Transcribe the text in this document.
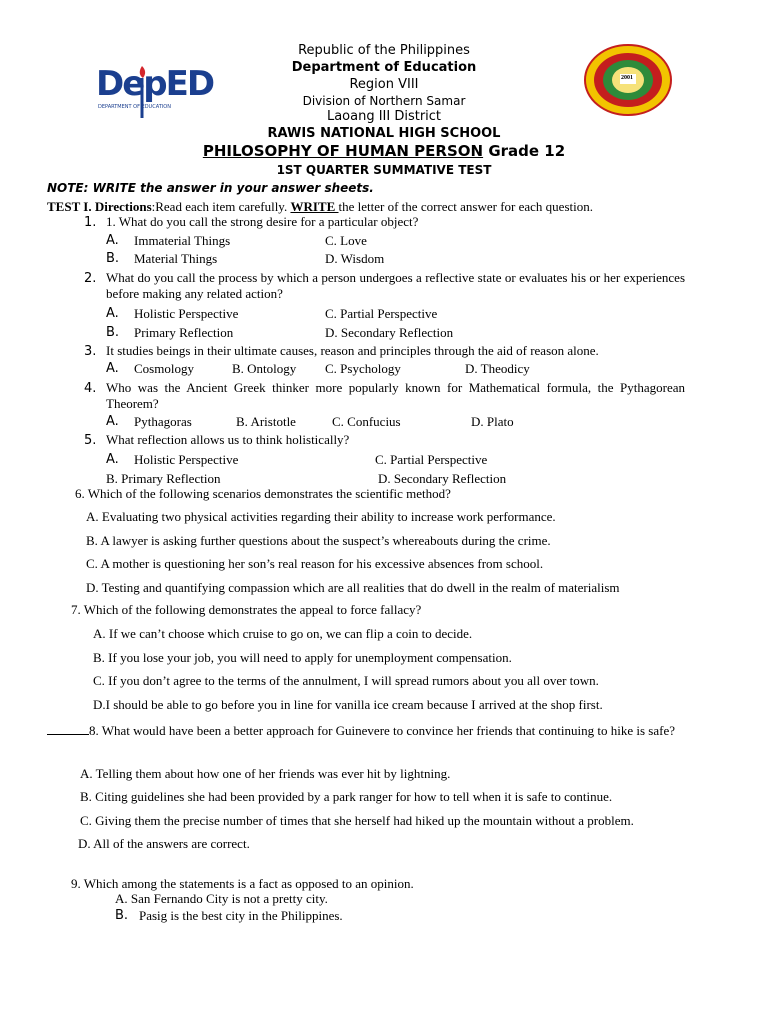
DepED
DEPARTMENT OF EDUCATION
2001
Republic of the Philippines
Department of Education
Region VIII
Division of Northern Samar
Laoang III District
RAWIS NATIONAL HIGH SCHOOL
PHILOSOPHY OF HUMAN PERSON Grade 12
1ST QUARTER SUMMATIVE TEST
NOTE: WRITE the answer in your answer sheets.
TEST I. Directions:Read each item carefully. WRITE the letter of the correct answer for each question.
1. 1. What do you call the strong desire for a particular object?
A. Immaterial Things	C. Love
B. Material Things	D. Wisdom
2. What do you call the process by which a person undergoes a reflective state or evaluates his or her experiences before making any related action?
A. Holistic Perspective	C. Partial Perspective
B. Primary Reflection	D. Secondary Reflection
3. It studies beings in their ultimate causes, reason and principles through the aid of reason alone.
A. Cosmology	B. Ontology C. Psychology	D. Theodicy
4. Who was the Ancient Greek thinker more popularly known for Mathematical formula, the Pythagorean Theorem?
A. Pythagoras	B. Aristotle	C. Confucius	D. Plato
5. What reflection allows us to think holistically?
A. Holistic Perspective	C. Partial Perspective
B. Primary Reflection	D. Secondary Reflection
6. Which of the following scenarios demonstrates the scientific method?
A. Evaluating two physical activities regarding their ability to increase work performance.
B. A lawyer is asking further questions about the suspect’s whereabouts during the crime.
C. A mother is questioning her son’s real reason for his excessive absences from school.
D. Testing and quantifying compassion which are all realities that do dwell in the realm of materialism
7. Which of the following demonstrates the appeal to force fallacy?
A. If we can’t choose which cruise to go on, we can flip a coin to decide.
B. If you lose your job, you will need to apply for unemployment compensation.
C. If you don’t agree to the terms of the annulment, I will spread rumors about you all over town.
D.I should be able to go before you in line for vanilla ice cream because I arrived at the shop first.
8. What would have been a better approach for Guinevere to convince her friends that continuing to hike is safe?
A. Telling them about how one of her friends was ever hit by lightning.
B. Citing guidelines she had been provided by a park ranger for how to tell when it is safe to continue.
C. Giving them the precise number of times that she herself had hiked up the mountain without a problem.
D. All of the answers are correct.
9. Which among the statements is a fact as opposed to an opinion.
A. San Fernando City is not a pretty city.
B. Pasig is the best city in the Philippines.
